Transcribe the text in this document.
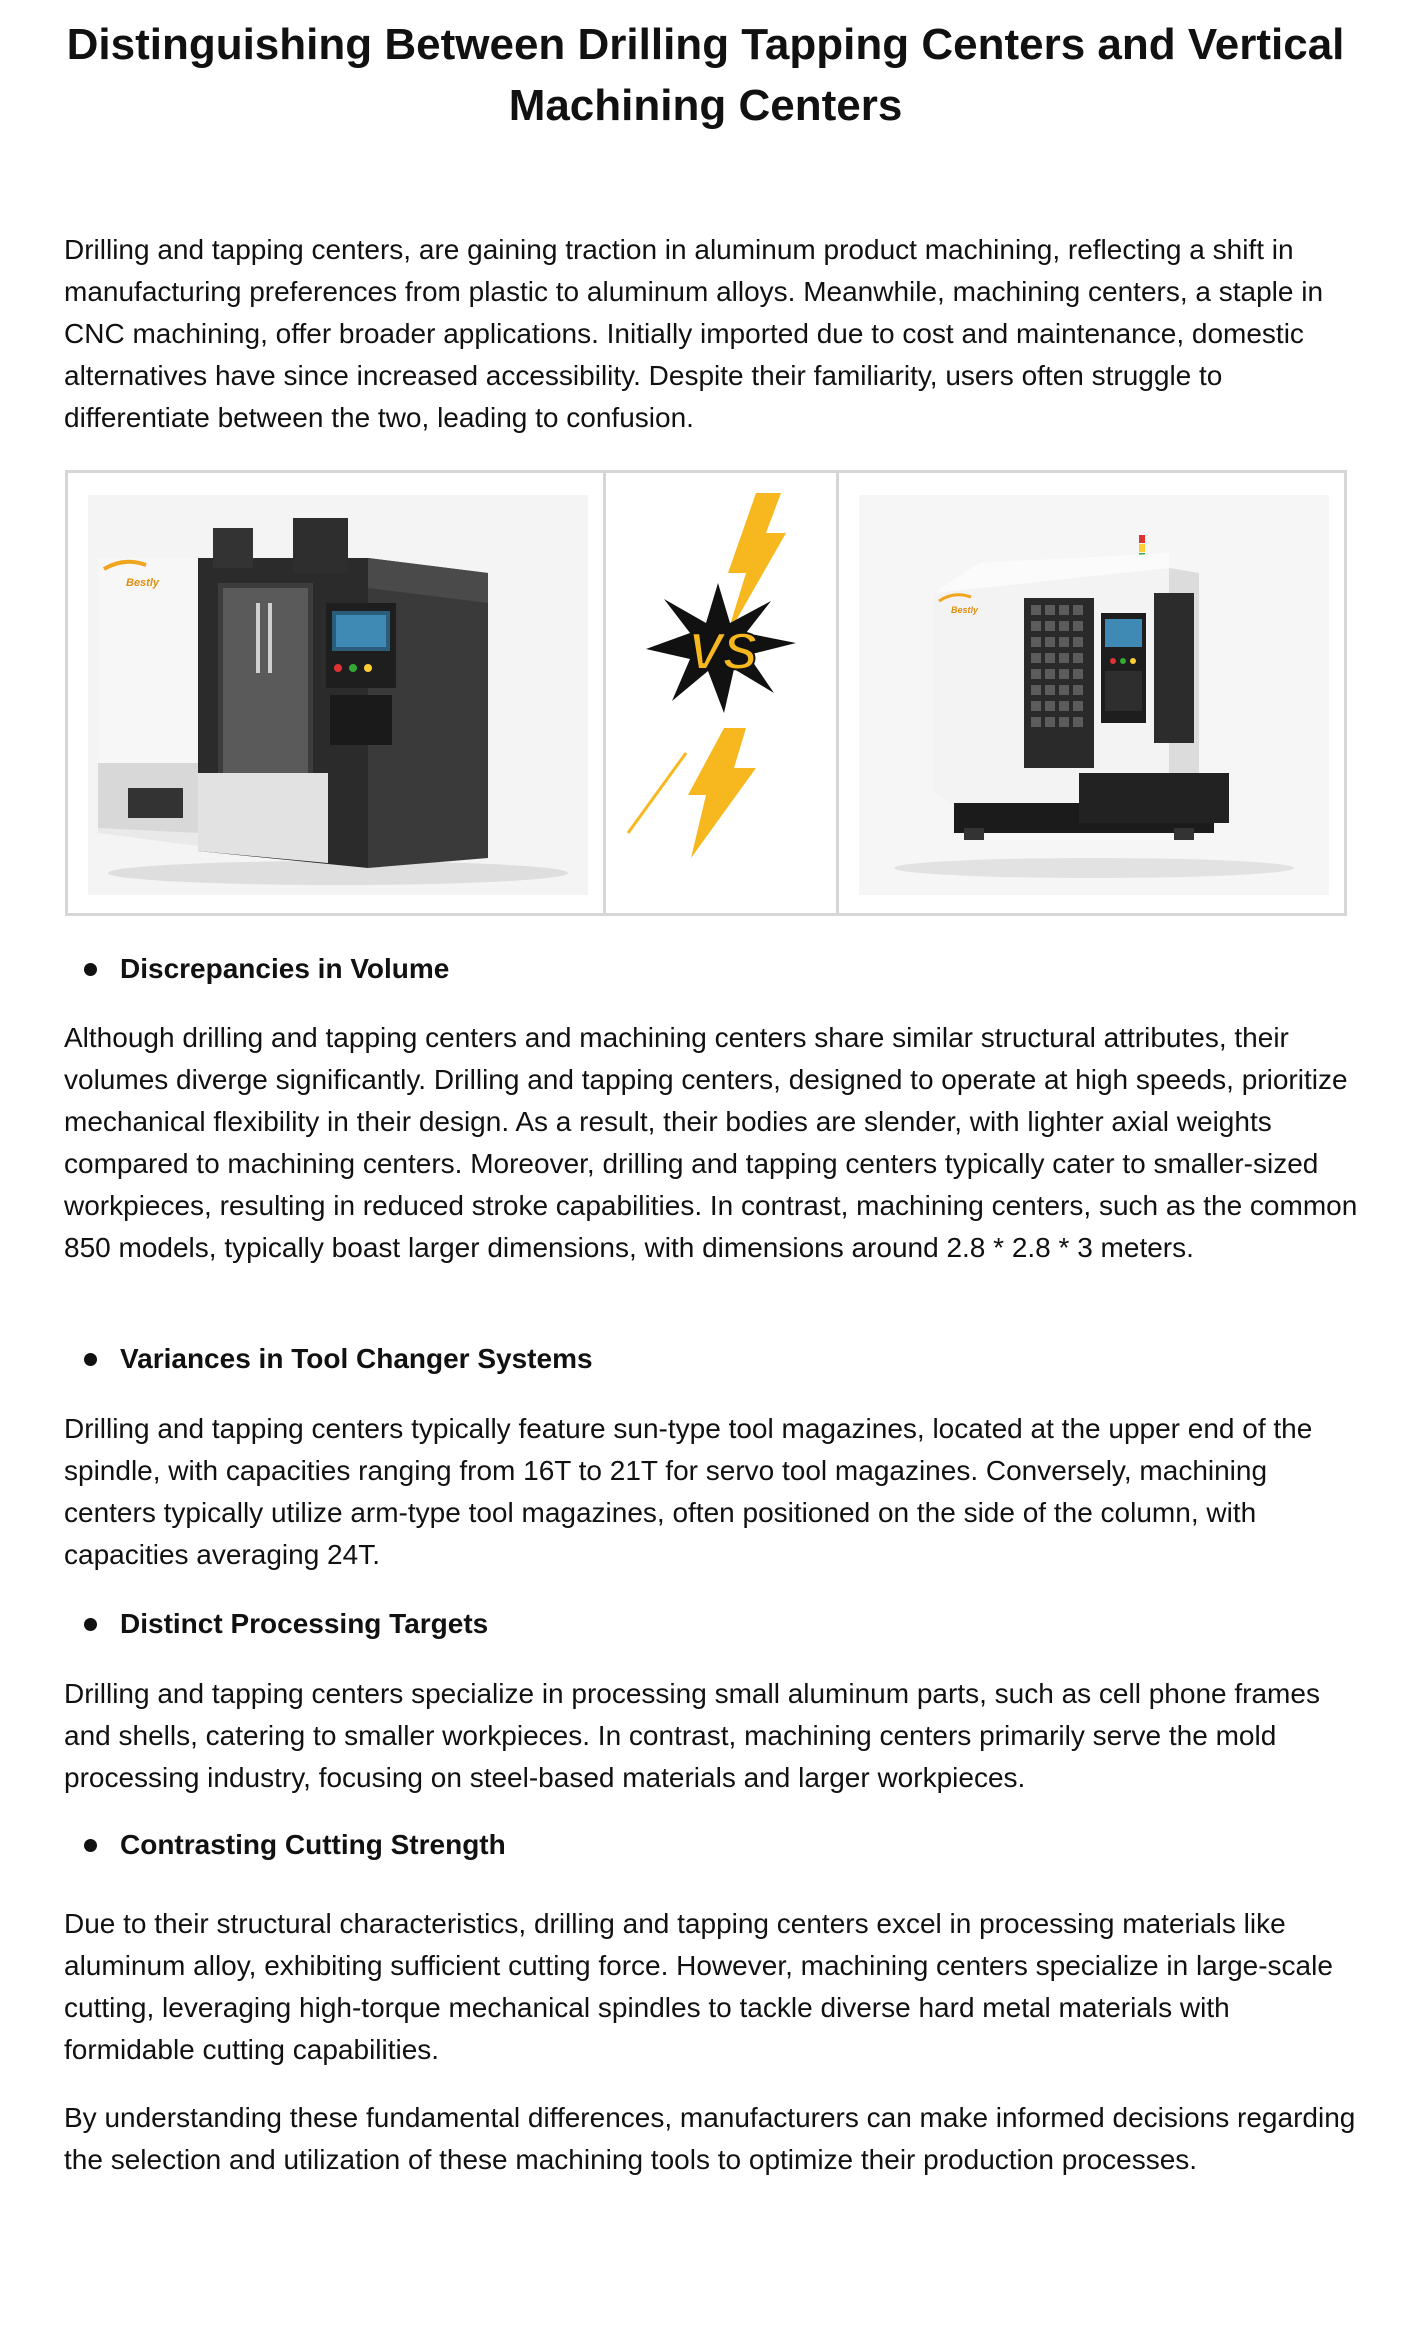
Distinguishing Between Drilling Tapping Centers and Vertical Machining Centers

Drilling and tapping centers, are gaining traction in aluminum product machining, reflecting a shift in manufacturing preferences from plastic to aluminum alloys. Meanwhile, machining centers, a staple in CNC machining, offer broader applications. Initially imported due to cost and maintenance, domestic alternatives have since increased accessibility. Despite their familiarity, users often struggle to differentiate between the two, leading to confusion.

Bestly
VS
Bestly
Discrepancies in Volume

Although drilling and tapping centers and machining centers share similar structural attributes, their volumes diverge significantly. Drilling and tapping centers, designed to operate at high speeds, prioritize mechanical flexibility in their design. As a result, their bodies are slender, with lighter axial weights compared to machining centers. Moreover, drilling and tapping centers typically cater to smaller-sized workpieces, resulting in reduced stroke capabilities. In contrast, machining centers, such as the common 850 models, typically boast larger dimensions, with dimensions around 2.8 * 2.8 * 3 meters.

Variances in Tool Changer Systems

Drilling and tapping centers typically feature sun-type tool magazines, located at the upper end of the spindle, with capacities ranging from 16T to 21T for servo tool magazines. Conversely, machining centers typically utilize arm-type tool magazines, often positioned on the side of the column, with capacities averaging 24T.

Distinct Processing Targets

Drilling and tapping centers specialize in processing small aluminum parts, such as cell phone frames and shells, catering to smaller workpieces. In contrast, machining centers primarily serve the mold processing industry, focusing on steel-based materials and larger workpieces.

Contrasting Cutting Strength

Due to their structural characteristics, drilling and tapping centers excel in processing materials like aluminum alloy, exhibiting sufficient cutting force. However, machining centers specialize in large-scale cutting, leveraging high-torque mechanical spindles to tackle diverse hard metal materials with formidable cutting capabilities.

By understanding these fundamental differences, manufacturers can make informed decisions regarding the selection and utilization of these machining tools to optimize their production processes.
